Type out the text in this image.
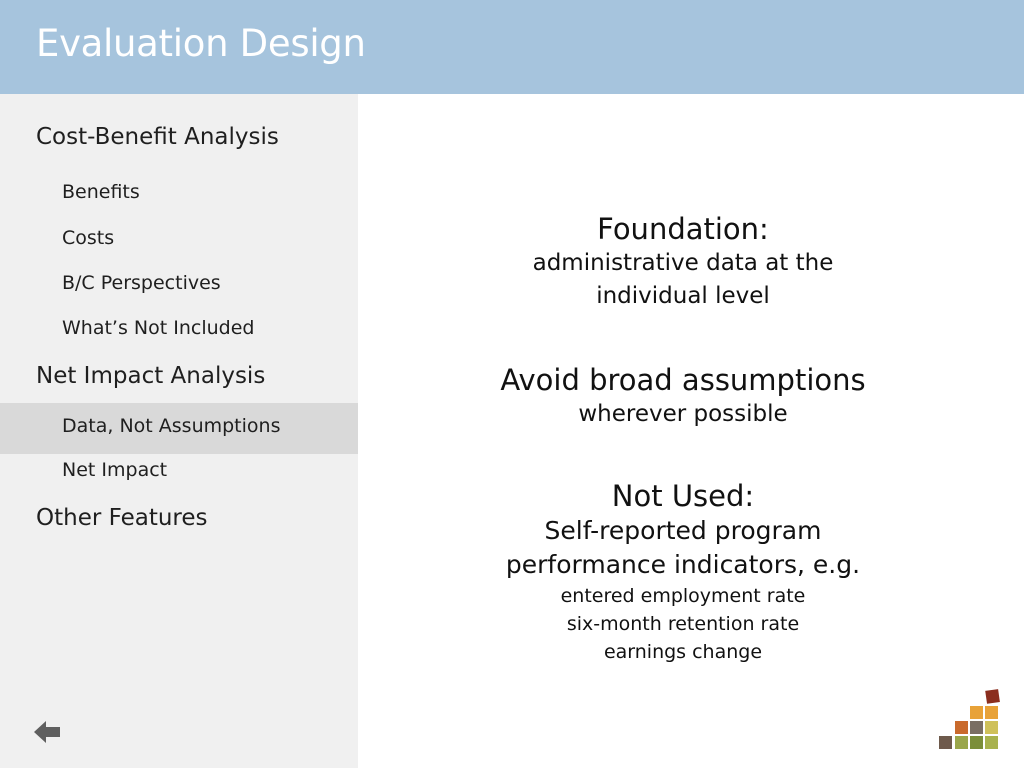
Evaluation Design
Cost-Benefit Analysis
Benefits
Costs
B/C Perspectives
What’s Not Included
Net Impact Analysis
Data, Not Assumptions
Net Impact
Other Features
Foundation:
administrative data at the
individual level
Avoid broad assumptions
wherever possible
Not Used:
Self-reported program
performance indicators, e.g.
entered employment rate
six-month retention rate
earnings change
